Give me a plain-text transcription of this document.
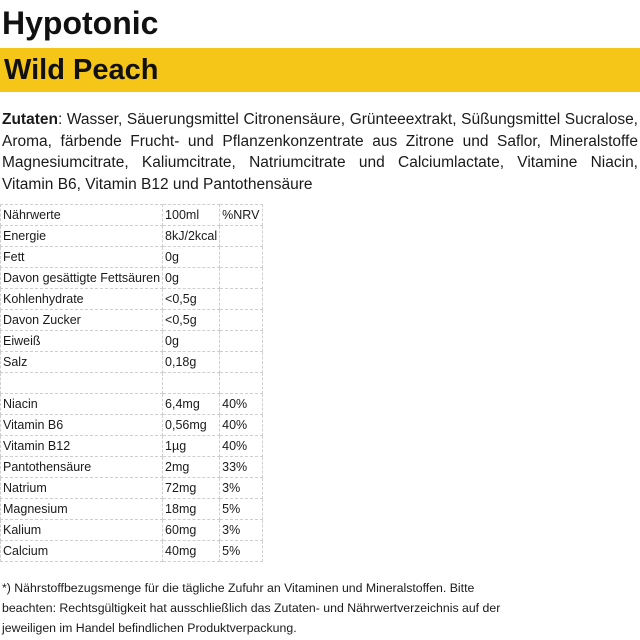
Hypotonic
Wild Peach

Zutaten: Wasser, Säuerungsmittel Citronensäure, Grünteeextrakt, Süßungsmittel Sucralose, Aroma, färbende Frucht- und Pflanzenkonzentrate aus Zitrone und Saflor, Mineralstoffe Magnesiumcitrate, Kaliumcitrate, Natriumcitrate und Calciumlactate, Vitamine Niacin, Vitamin B6, Vitamin B12 und Pantothensäure

Nährwerte	100ml	%NRV
Energie	8kJ/2kcal	
Fett	0g	
Davon gesättigte Fettsäuren	0g	
Kohlenhydrate	<0,5g	
Davon Zucker	<0,5g	
Eiweiß	0g	
Salz	0,18g	

Niacin	6,4mg	40%
Vitamin B6	0,56mg	40%
Vitamin B12	1µg	40%
Pantothensäure	2mg	33%
Natrium	72mg	3%
Magnesium	18mg	5%
Kalium	60mg	3%
Calcium	40mg	5%

*) Nährstoffbezugsmenge für die tägliche Zufuhr an Vitaminen und Mineralstoffen. Bitte beachten: Rechtsgültigkeit hat ausschließlich das Zutaten- und Nährwertverzeichnis auf der jeweiligen im Handel befindlichen Produktverpackung.
